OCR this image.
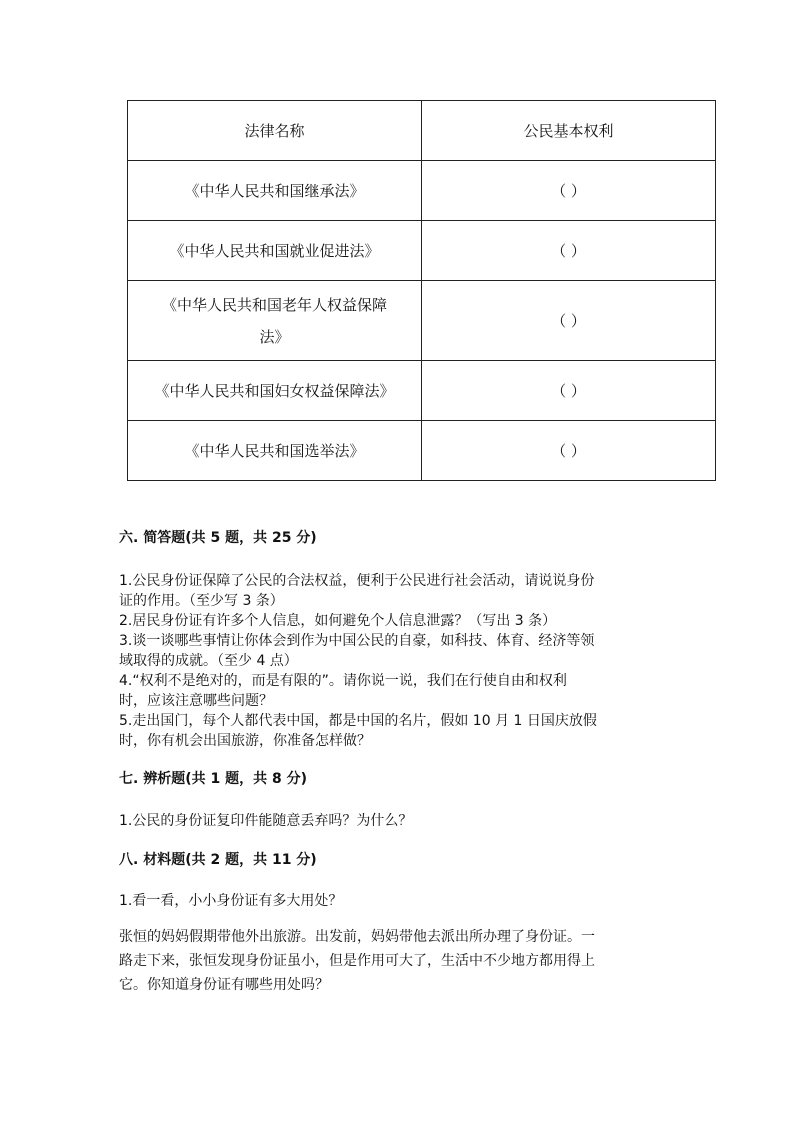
法律名称	公民基本权利
《中华人民共和国继承法》	（ ）
《中华人民共和国就业促进法》	（ ）
《中华人民共和国老年人权益保障
法》	（ ）
《中华人民共和国妇女权益保障法》	（ ）
《中华人民共和国选举法》	（ ）

六. 简答题(共 5 题，共 25 分)

1.公民身份证保障了公民的合法权益，便利于公民进行社会活动，请说说身份

证的作用。（至少写 3 条）

2.居民身份证有许多个人信息，如何避免个人信息泄露？（写出 3 条）

3.谈一谈哪些事情让你体会到作为中国公民的自豪，如科技、体育、经济等领

域取得的成就。（至少 4 点）

4.“权利不是绝对的，而是有限的”。请你说一说，我们在行使自由和权利

时，应该注意哪些问题？

5.走出国门，每个人都代表中国，都是中国的名片，假如 10 月 1 日国庆放假

时，你有机会出国旅游，你准备怎样做？

七. 辨析题(共 1 题，共 8 分)

1.公民的身份证复印件能随意丢弃吗？为什么？

八. 材料题(共 2 题，共 11 分)

1.看一看，小小身份证有多大用处？

张恒的妈妈假期带他外出旅游。出发前，妈妈带他去派出所办理了身份证。一

路走下来，张恒发现身份证虽小，但是作用可大了，生活中不少地方都用得上

它。你知道身份证有哪些用处吗？
